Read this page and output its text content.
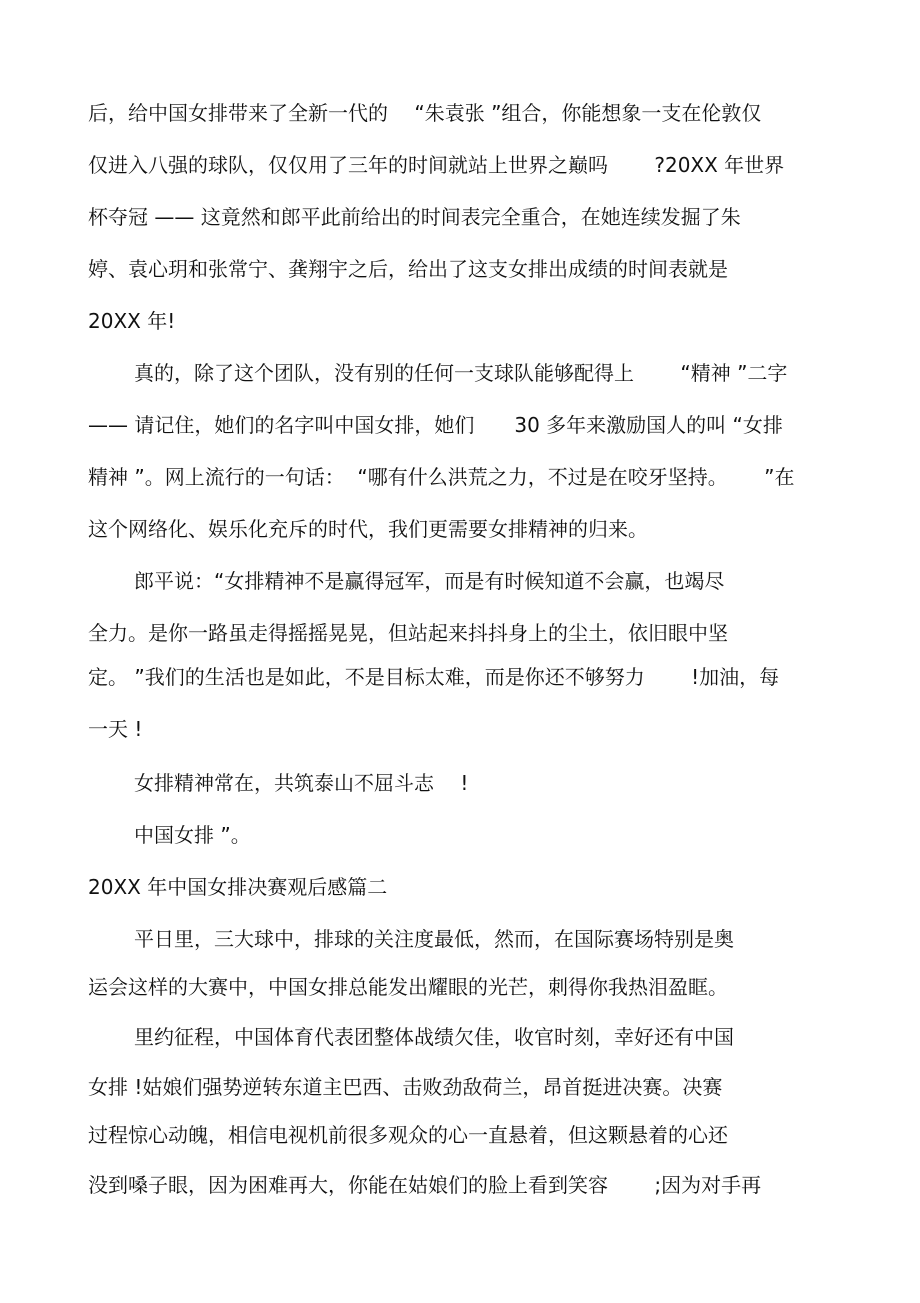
后，给中国女排带来了全新一代的　 “朱袁张 ”组合，你能想象一支在伦敦仅
仅进入八强的球队，仅仅用了三年的时间就站上世界之巅吗　　 ?20XX 年世界
杯夺冠 —— 这竟然和郎平此前给出的时间表完全重合，在她连续发掘了朱
婷、袁心玥和张常宁、龚翔宇之后，给出了这支女排出成绩的时间表就是
20XX 年!
真的，除了这个团队，没有别的任何一支球队能够配得上　　 “精神 ”二字
—— 请记住，她们的名字叫中国女排，她们　　30 多年来激励国人的叫 “女排
精神 ”。网上流行的一句话：  “哪有什么洪荒之力，不过是在咬牙坚持。　　 ”在
这个网络化、娱乐化充斥的时代，我们更需要女排精神的归来。
郎平说：“女排精神不是赢得冠军，而是有时候知道不会赢，也竭尽
全力。是你一路虽走得摇摇晃晃，但站起来抖抖身上的尘土，依旧眼中坚
定。 ”我们的生活也是如此，不是目标太难，而是你还不够努力　　 !加油，每
一天 !
女排精神常在，共筑泰山不屈斗志　 !
中国女排 ”。
20XX 年中国女排决赛观后感篇二
平日里，三大球中，排球的关注度最低，然而，在国际赛场特别是奥
运会这样的大赛中，中国女排总能发出耀眼的光芒，刺得你我热泪盈眶。
里约征程，中国体育代表团整体战绩欠佳，收官时刻，幸好还有中国
女排 !姑娘们强势逆转东道主巴西、击败劲敌荷兰，昂首挺进决赛。决赛
过程惊心动魄，相信电视机前很多观众的心一直悬着，但这颗悬着的心还
没到嗓子眼，因为困难再大，你能在姑娘们的脸上看到笑容　　 ;因为对手再
